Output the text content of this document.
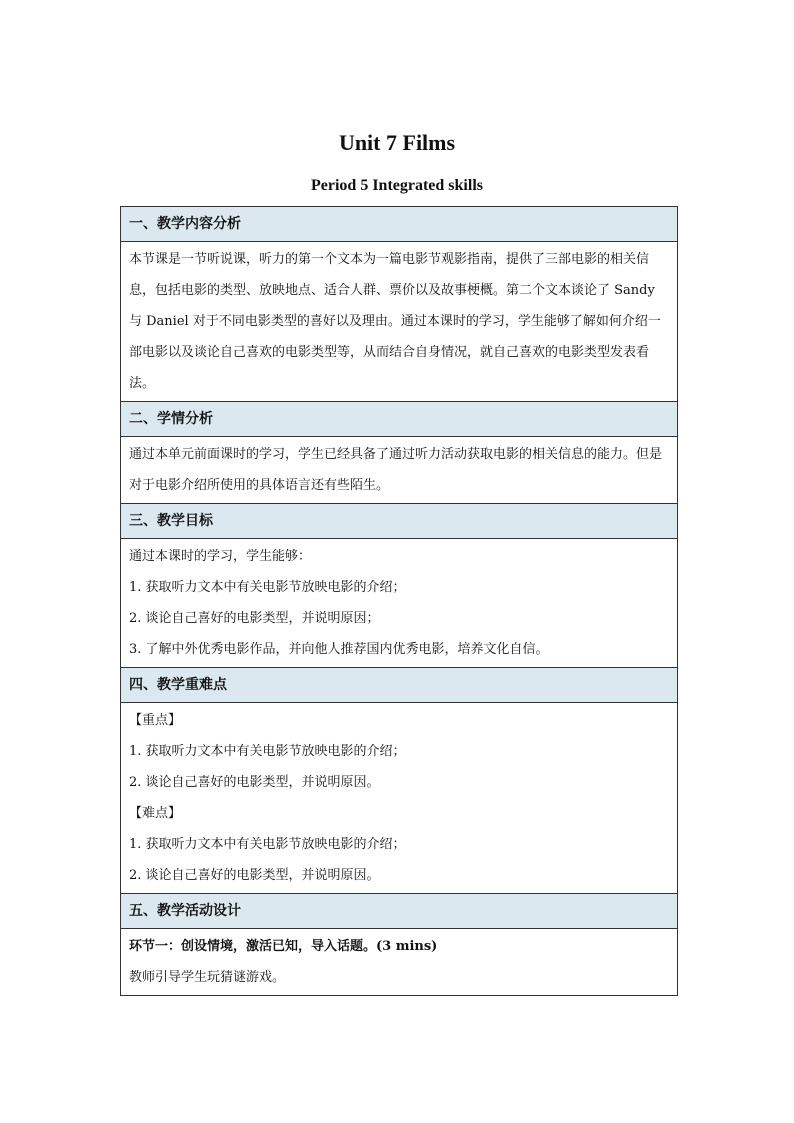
Unit 7 Films
Period 5 Integrated skills
一、教学内容分析

本节课是一节听说课，听力的第一个文本为一篇电影节观影指南，提供了三部电影的相关信息，包括电影的类型、放映地点、适合人群、票价以及故事梗概。第二个文本谈论了 Sandy 与 Daniel 对于不同电影类型的喜好以及理由。通过本课时的学习，学生能够了解如何介绍一部电影以及谈论自己喜欢的电影类型等，从而结合自身情况，就自己喜欢的电影类型发表看法。

二、学情分析

通过本单元前面课时的学习，学生已经具备了通过听力活动获取电影的相关信息的能力。但是对于电影介绍所使用的具体语言还有些陌生。

三、教学目标

通过本课时的学习，学生能够：

1. 获取听力文本中有关电影节放映电影的介绍；

2. 谈论自己喜好的电影类型，并说明原因；

3. 了解中外优秀电影作品，并向他人推荐国内优秀电影，培养文化自信。

四、教学重难点

【重点】

1. 获取听力文本中有关电影节放映电影的介绍；

2. 谈论自己喜好的电影类型，并说明原因。

【难点】

1. 获取听力文本中有关电影节放映电影的介绍；

2. 谈论自己喜好的电影类型，并说明原因。

五、教学活动设计

环节一：创设情境，激活已知，导入话题。(3 mins)

教师引导学生玩猜谜游戏。
